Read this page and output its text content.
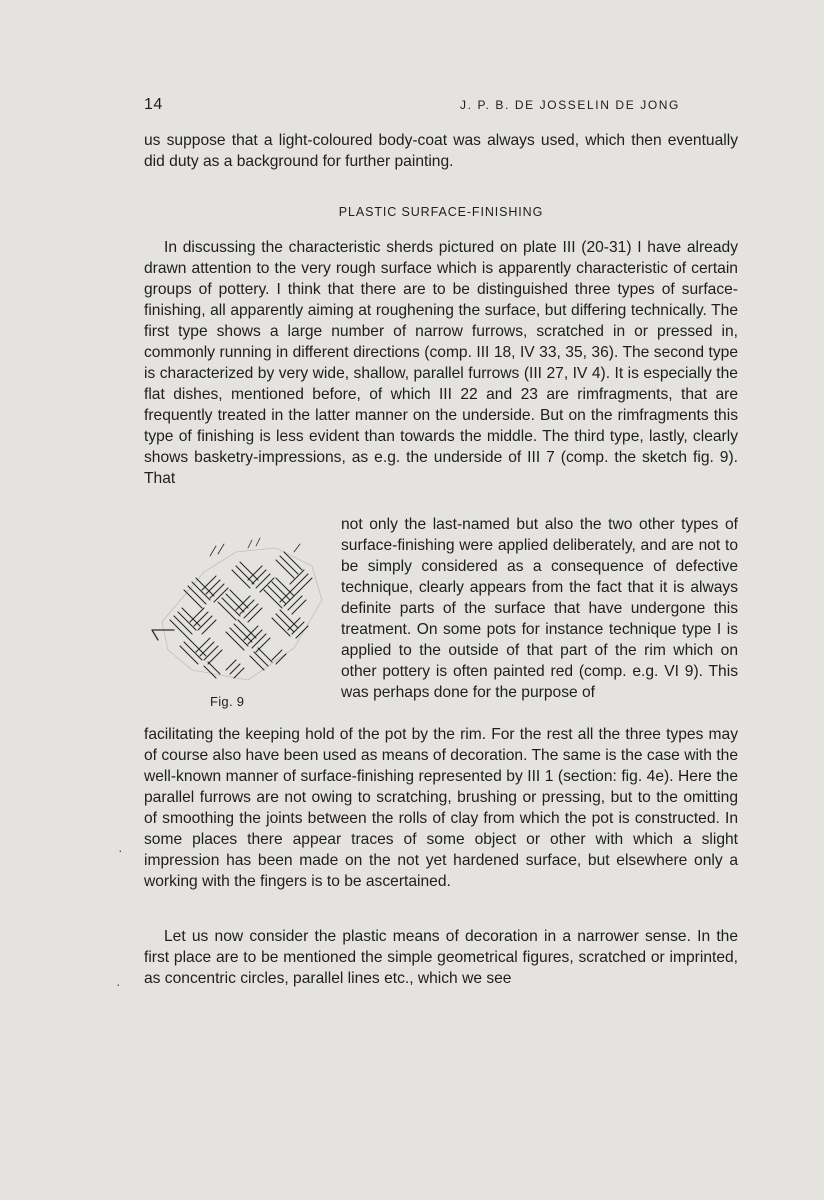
14	J. P. B. DE JOSSELIN DE JONG

us suppose that a light-coloured body-coat was always used, which then eventually did duty as a background for further painting.

PLASTIC SURFACE-FINISHING

In discussing the characteristic sherds pictured on plate III (20-31) I have already drawn attention to the very rough surface which is apparently characteristic of certain groups of pottery. I think that there are to be distinguished three types of surface-finishing, all apparently aiming at roughening the surface, but differing technically. The first type shows a large number of narrow furrows, scratched in or pressed in, commonly running in different directions (comp. III 18, IV 33, 35, 36). The second type is characterized by very wide, shallow, parallel furrows (III 27, IV 4). It is especially the flat dishes, mentioned before, of which III 22 and 23 are rimfragments, that are frequently treated in the latter manner on the underside. But on the rimfragments this type of finishing is less evident than towards the middle. The third type, lastly, clearly shows basketry-impressions, as e.g. the underside of III 7 (comp. the sketch fig. 9). That

Fig. 9

not only the last-named but also the two other types of surface-finishing were applied deliberately, and are not to be simply considered as a consequence of defective technique, clearly appears from the fact that it is always definite parts of the surface that have undergone this treatment. On some pots for instance technique type I is applied to the outside of that part of the rim which on other pottery is often painted red (comp. e.g. VI 9). This was perhaps done for the purpose of

facilitating the keeping hold of the pot by the rim. For the rest all the three types may of course also have been used as means of decoration. The same is the case with the well-known manner of surface-finishing represented by III 1 (section: fig. 4e). Here the parallel furrows are not owing to scratching, brushing or pressing, but to the omitting of smoothing the joints between the rolls of clay from which the pot is constructed. In some places there appear traces of some object or other with which a slight impression has been made on the not yet hardened surface, but elsewhere only a working with the fingers is to be ascertained.

Let us now consider the plastic means of decoration in a narrower sense. In the first place are to be mentioned the simple geometrical figures, scratched or imprinted, as concentric circles, parallel lines etc., which we see

·
·
